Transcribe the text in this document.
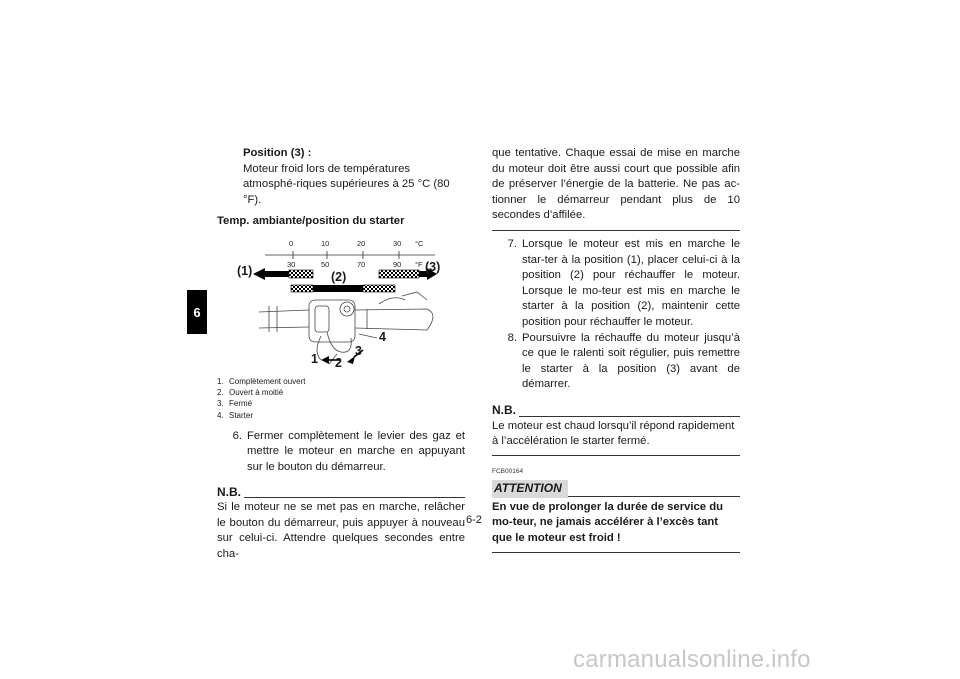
6

Position (3) :

Moteur froid lors de températures atmosphé-riques supérieures à 25 °C (80 °F).

Temp. ambiante/position du starter

0	10	20	30 °C
30	50	70	90 °F
(1)	(2)
(3)
1 2
3
4
1. Complètement ouvert
2. Ouvert à moitié
3. Fermé
4. Starter
6. Fermer complètement le levier des gaz et mettre le moteur en marche en appuyant sur le bouton du démarreur.
N.B.

Si le moteur ne se met pas en marche, relâcher le bouton du démarreur, puis appuyer à nouveau sur celui-ci. Attendre quelques secondes entre cha-

que tentative. Chaque essai de mise en marche du moteur doit être aussi court que possible afin de préserver l’énergie de la batterie. Ne pas ac-tionner le démarreur pendant plus de 10 secondes d’affilée.

7. Lorsque le moteur est mis en marche le star-ter à la position (1), placer celui-ci à la position (2) pour réchauffer le moteur. Lorsque le mo-teur est mis en marche le starter à la position (2), maintenir cette position pour réchauffer le moteur.
8. Poursuivre la réchauffe du moteur jusqu’à ce que le ralenti soit régulier, puis remettre le starter à la position (3) avant de démarrer.
N.B.

Le moteur est chaud lorsqu’il répond rapidement à l’accélération le starter fermé.

FCB00164
ATTENTION

En vue de prolonger la durée de service du mo-teur, ne jamais accélérer à l’excès tant que le moteur est froid !

6-2
carmanualsonline.info
